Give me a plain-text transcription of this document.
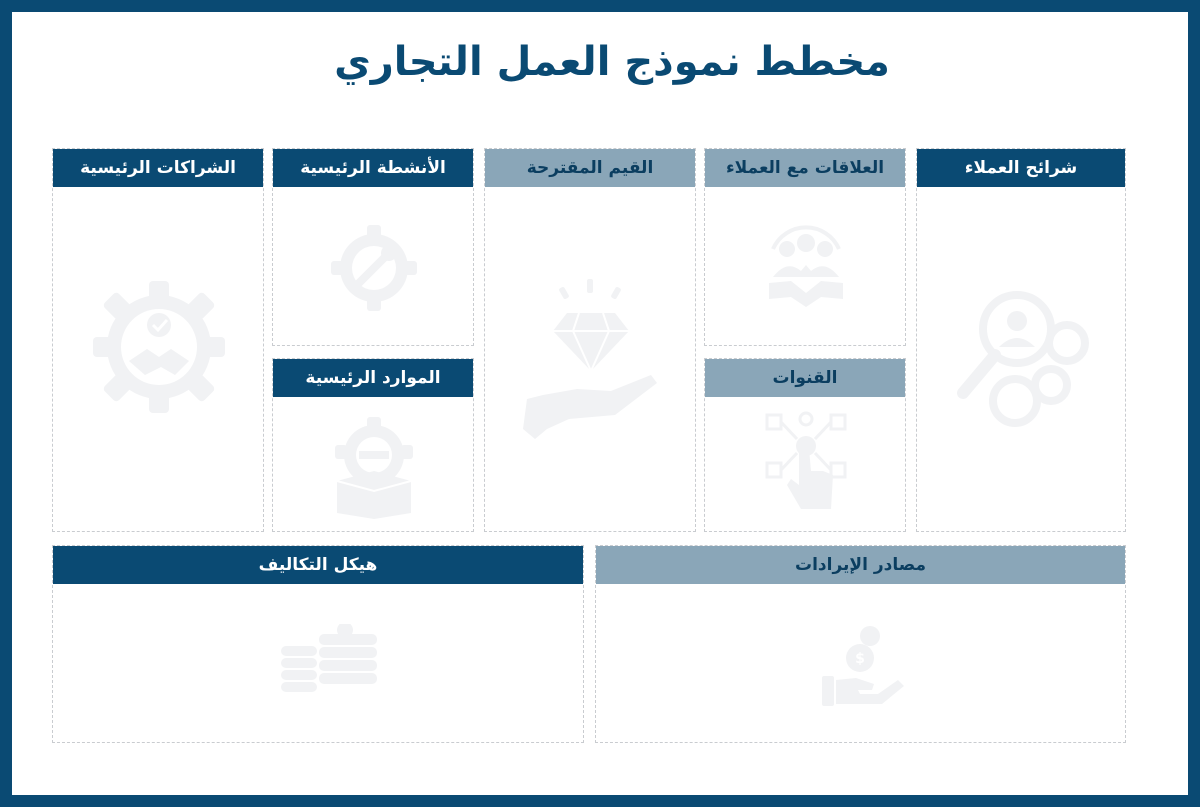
مخطط نموذج العمل التجاري
الشراكات الرئيسية	الأنشطة الرئيسية
الموارد الرئيسية
القيم المقترحة	العلاقات مع العملاء
القنوات
شرائح العملاء
هيكل التكاليف	مصادر الإيرادات
$
